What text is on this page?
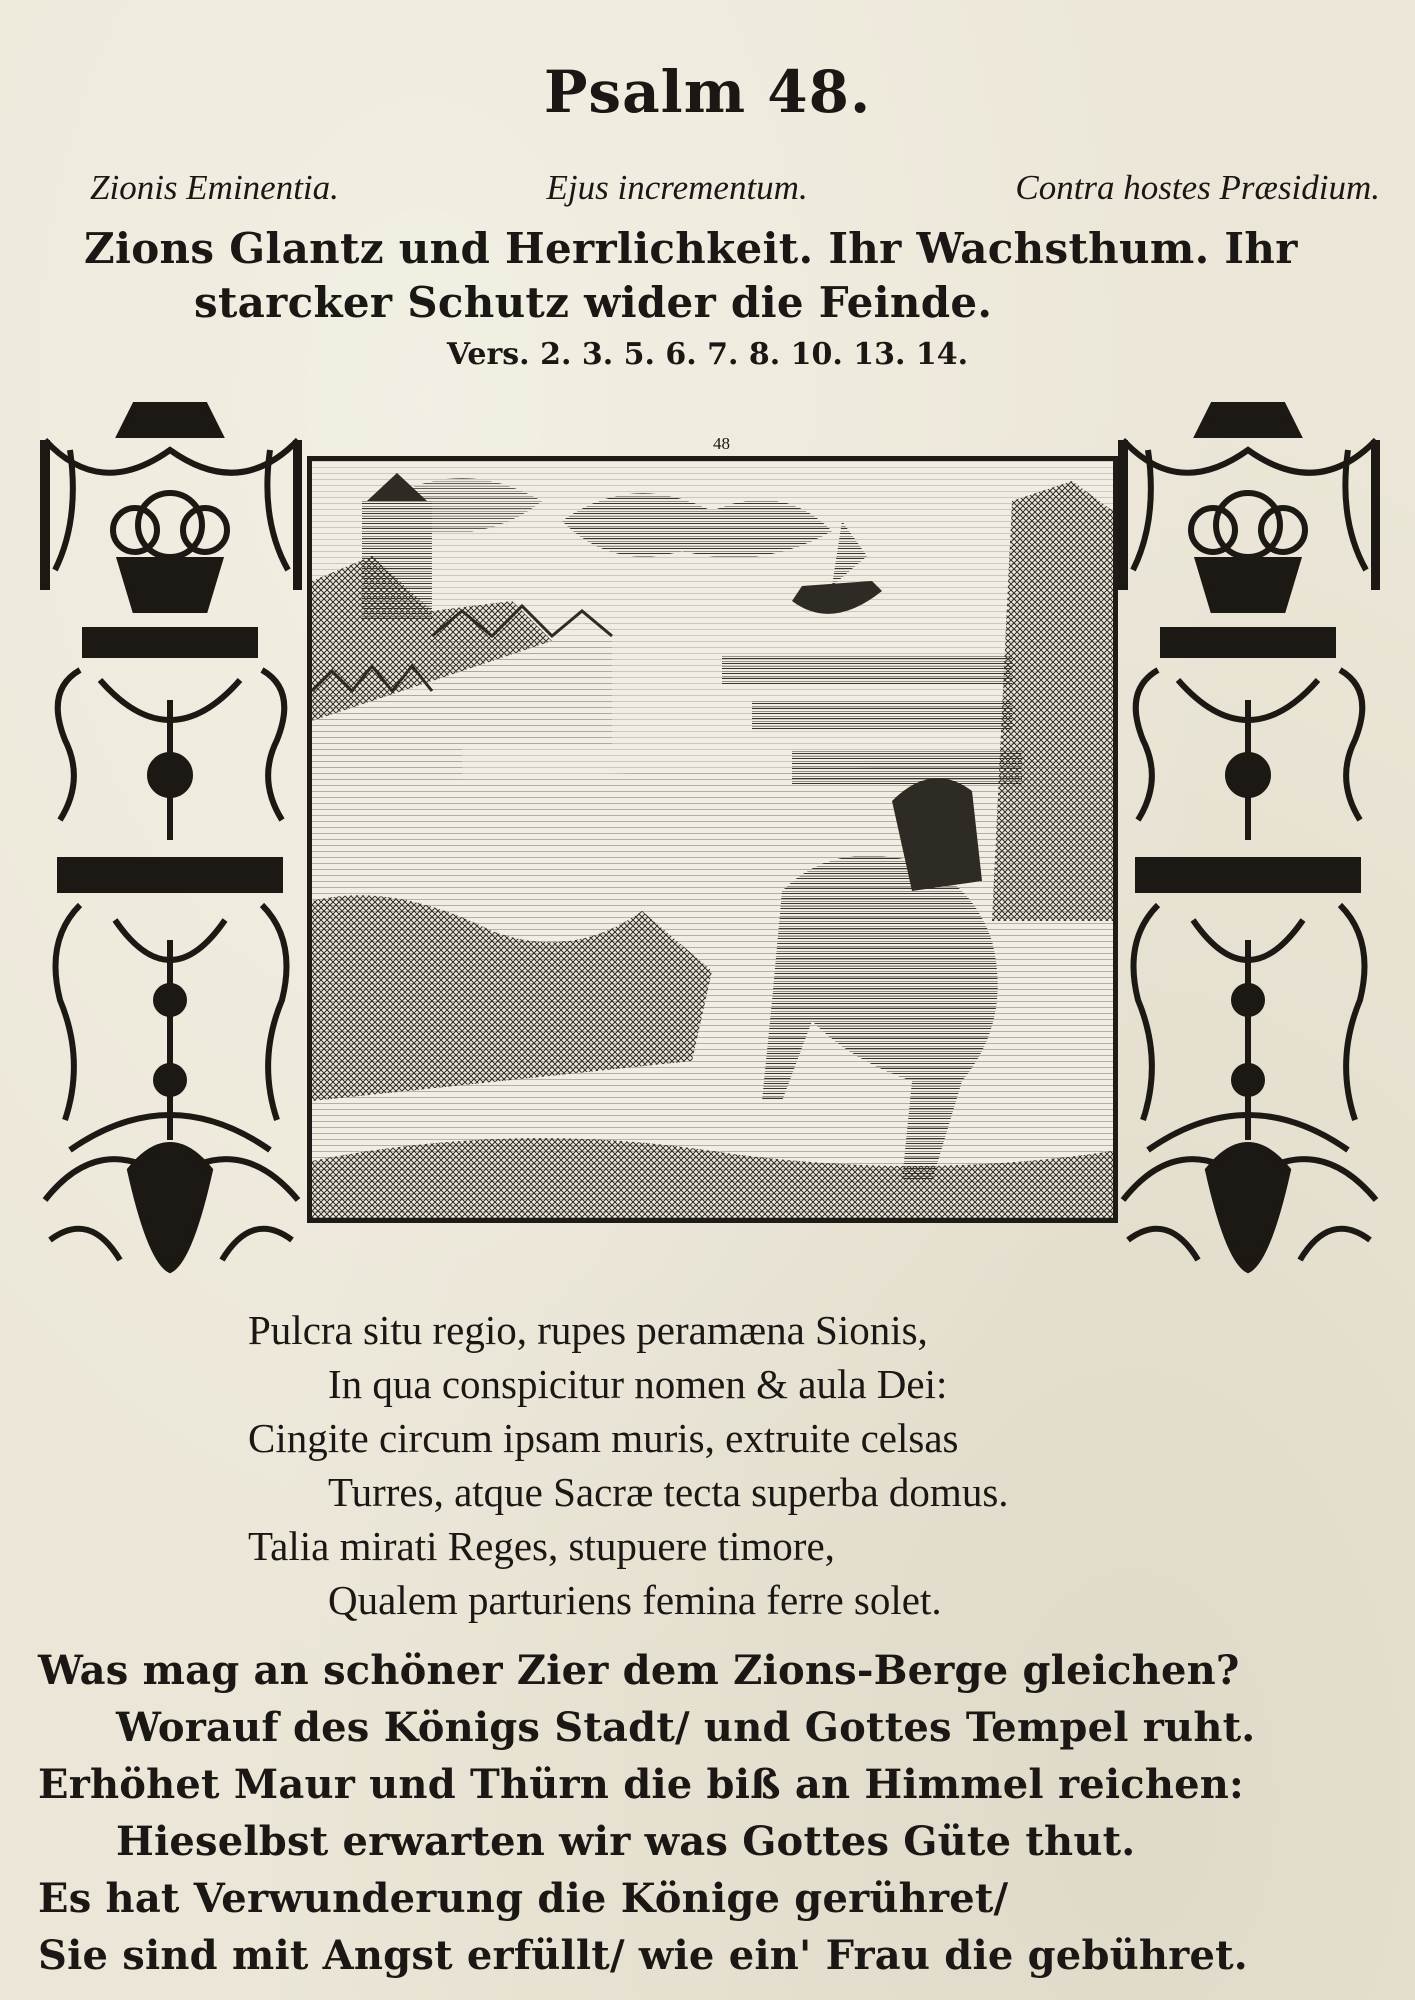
Psalm 48.
Zionis Eminentia.	Ejus incrementum.	Contra hostes Præsidium.
Zions Glantz und Herrlichkeit. Ihr Wachsthum. Ihr
starcker Schutz wider die Feinde.
Vers. 2. 3. 5. 6. 7. 8. 10. 13. 14.
48
Pulcra situ regio, rupes peramæna Sionis,
In qua conspicitur nomen & aula Dei:
Cingite circum ipsam muris, extruite celsas
Turres, atque Sacræ tecta superba domus.
Talia mirati Reges, stupuere timore,
Qualem parturiens femina ferre solet.
Was mag an schöner Zier dem Zions-Berge gleichen?
Worauf des Königs Stadt/ und Gottes Tempel ruht.
Erhöhet Maur und Thürn die biß an Himmel reichen:
Hieselbst erwarten wir was Gottes Güte thut.
Es hat Verwunderung die Könige gerühret/
Sie sind mit Angst erfüllt/ wie ein' Frau die gebühret.
